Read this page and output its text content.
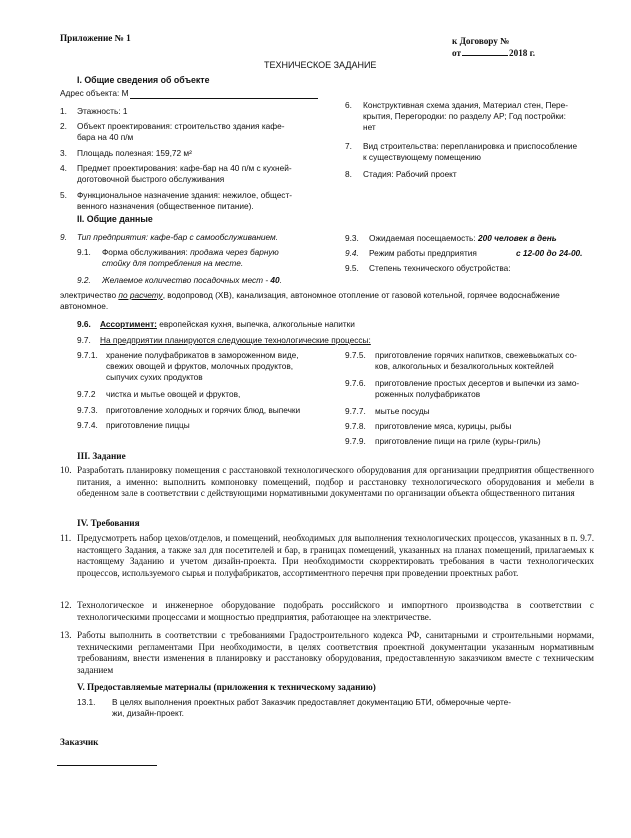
Приложение № 1	к Договору №
от	2018 г.
ТЕХНИЧЕСКОЕ ЗАДАНИЕ
I. Общие сведения об объекте
Адрес объекта: М
1. Этажность: 1
2. Объект проектирования: строительство здания кафе-
бара на 40 п/м
3. Площадь полезная: 159,72 м²
4. Предмет проектирования: кафе-бар на 40 п/м с кухней-
доготовочной быстрого обслуживания
5. Функциональное назначение здания: нежилое, общест-
венного назначения (общественное питание).
6. Конструктивная схема здания, Материал стен, Пере-
крытия, Перегородки: по разделу АР; Год постройки:
нет
7. Вид строительства: перепланировка и приспособление
к существующему помещению
8. Стадия: Рабочий проект
II. Общие данные
9. Тип предприятия: кафе-бар с самообслуживанием.
9.1. Форма обслуживания: продажа через барную
стойку для потребления на месте.
9.2. Желаемое количество посадочных мест - 40.
9.3. Ожидаемая посещаемость: 200 человек в день
9.4. Режим работы предприятия	с 12-00 до 24-00.
9.5. Степень технического обустройства:
электричество по расчету, водопровод (ХВ), канализация, автономное отопление от газовой котельной, горячее водоснабжение
автономное.
9.6. Ассортимент: европейская кухня, выпечка, алкогольные напитки
9.7. На предприятии планируются следующие технологические процессы:
9.7.1. хранение полуфабрикатов в замороженном виде,
свежих овощей и фруктов, молочных продуктов,
сыпучих сухих продуктов
9.7.2 чистка и мытье овощей и фруктов,
9.7.3. приготовление холодных и горячих блюд, выпечки
9.7.4. приготовление пиццы
9.7.5. приготовление горячих напитков, свежевыжатых со-
ков, алкогольных и безалкогольных коктейлей
9.7.6. приготовление простых десертов и выпечки из замо-
роженных полуфабрикатов
9.7.7. мытье посуды
9.7.8. приготовление мяса, курицы, рыбы
9.7.9. приготовление пищи на гриле (куры-гриль)
III. Задание
10. Разработать планировку помещения с расстановкой технологического оборудования для организации предприятия общественного питания, а именно: выполнить компоновку помещений, подбор и расстановку технологического оборудования и мебели в обеденном зале в соответствии с действующими нормативными документами по организации объекта общественного питания
IV. Требования
11. Предусмотреть набор цехов/отделов, и помещений, необходимых для выполнения технологических процессов, указанных в п. 9.7. настоящего Задания, а также зал для посетителей и бар, в границах помещений, указанных на планах помещений, прилагаемых к настоящему Заданию и учетом дизайн-проекта. При необходимости скорректировать требования в части технологических процессов, используемого сырья и полуфабрикатов, ассортиментного перечня при проведении проектных работ.
12. Технологическое и инженерное оборудование подобрать российского и импортного производства в соответствии с технологическими процессами и мощностью предприятия, работающее на электричестве.
13. Работы выполнить в соответствии с требованиями Градостроительного кодекса РФ, санитарными и строительными нормами, техническими регламентами При необходимости, в целях соответствия проектной документации указанным нормативным требованиям, внести изменения в планировку и расстановку оборудования, предоставленную заказчиком вместе с техническим заданием
V. Предоставляемые материалы (приложения к техническому заданию)
13.1. В целях выполнения проектных работ Заказчик предоставляет документацию БТИ, обмерочные черте-
жи, дизайн-проект.
Заказчик
